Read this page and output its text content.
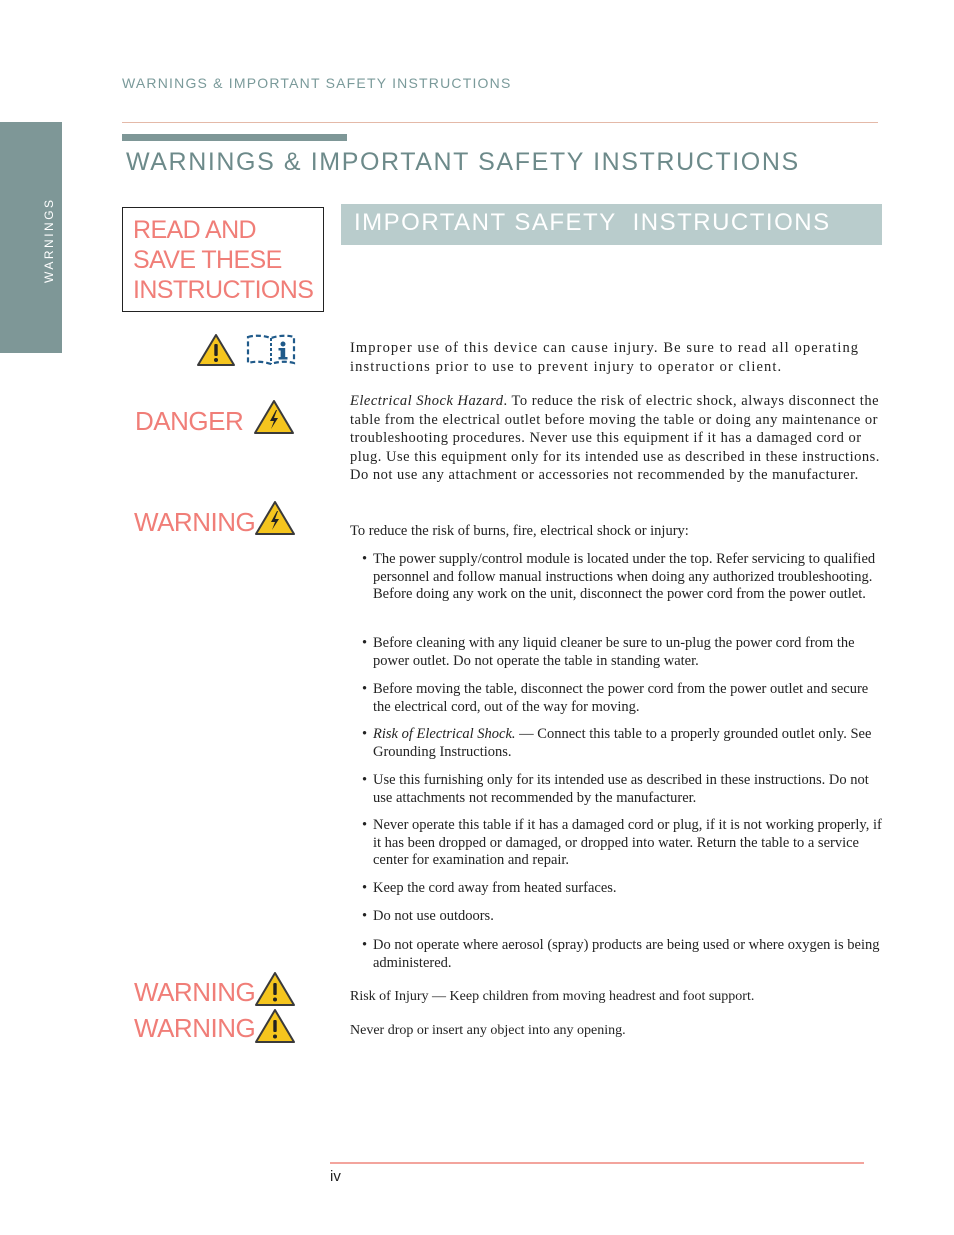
WARNINGS & IMPORTANT SAFETY INSTRUCTIONS
WARNINGS
WARNINGS & IMPORTANT SAFETY INSTRUCTIONS
READ AND
SAVE THESE
INSTRUCTIONS
IMPORTANT SAFETY  INSTRUCTIONS
DANGER
WARNING
WARNING
WARNING

Improper use of this device can cause injury. Be sure to read all operating instructions prior to use to prevent injury to operator or client.

Electrical Shock Hazard. To reduce the risk of electric shock, always disconnect the table from the electrical outlet before moving the table or doing any maintenance or troubleshooting procedures. Never use this equipment if it has a damaged cord or plug. Use this equipment only for its intended use as described in these instructions. Do not use any attachment or accessories not recommended by the manufacturer.

To reduce the risk of burns, fire, electrical shock or injury:

• The power supply/control module is located under the top. Refer servicing to qualified personnel and follow manual instructions when doing any authorized troubleshooting. Before doing any work on the unit, disconnect the power cord from the power outlet.
• Before cleaning with any liquid cleaner be sure to un-plug the power cord from the power outlet. Do not operate the table in standing water.
• Before moving the table, disconnect the power cord from the power outlet and secure the electrical cord, out of the way for moving.
• Risk of Electrical Shock. — Connect this table to a properly grounded outlet only. See Grounding Instructions.
• Use this furnishing only for its intended use as described in these instructions. Do not use attachments not recommended by the manufacturer.
• Never operate this table if it has a damaged cord or plug, if it is not working properly, if it has been dropped or damaged, or dropped into water. Return the table to a service center for examination and repair.
• Keep the cord away from heated surfaces.
• Do not use outdoors.
• Do not operate where aerosol (spray) products are being used or where oxygen is being administered.
Risk of Injury — Keep children from moving headrest and foot support.
Never drop or insert any object into any opening.
iv
